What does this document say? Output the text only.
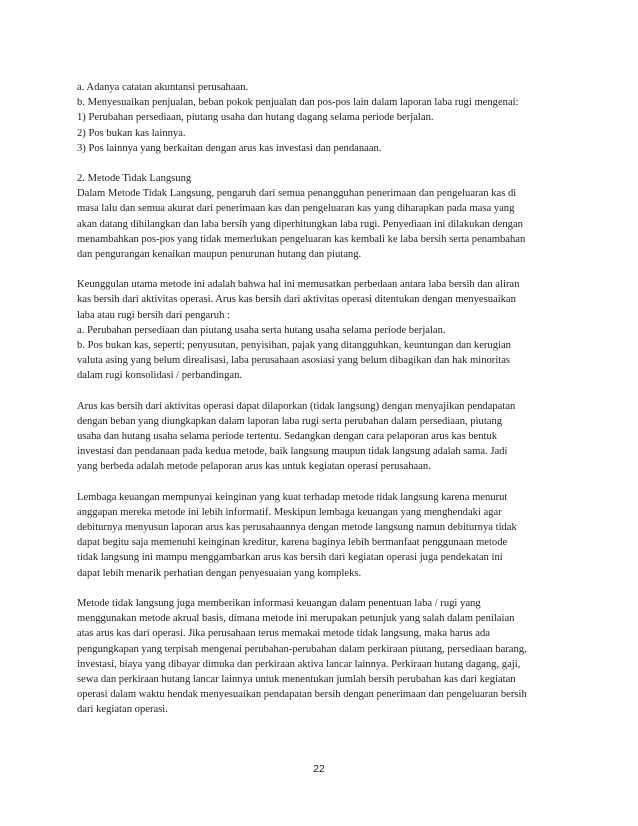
a. Adanya catatan akuntansi perusahaan.
b. Menyesuaikan penjualan, beban pokok penjualan dan pos-pos lain dalam laporan laba rugi mengenai:
1) Perubahan persediaan, piutang usaha dan hutang dagang selama periode berjalan.
2) Pos bukan kas lainnya.
3) Pos lainnya yang berkaitan dengan arus kas investasi dan pendanaan.
2. Metode Tidak Langsung
Dalam Metode Tidak Langsung, pengaruh dari semua penangguhan penerimaan dan pengeluaran kas di
masa lalu dan semua akurat dari penerimaan kas dan pengeluaran kas yang diharapkan pada masa yang
akan datang dihilangkan dan laba bersih yang diperhitungkan laba rugi. Penyediaan ini dilakukan dengan
menambahkan pos-pos yang tidak memerlukan pengeluaran kas kembali ke laba bersih serta penambahan
dan pengurangan kenaikan maupun penurunan hutang dan piutang.
Keunggulan utama metode ini adalah bahwa hal ini memusatkan perbedaan antara laba bersih dan aliran
kas bersih dari aktivitas operasi. Arus kas bersih dari aktivitas operasi ditentukan dengan menyesuaikan
laba atau rugi bersih dari pengaruh :
a. Perubahan persediaan dan piutang usaha serta hutang usaha selama periode berjalan.
b. Pos bukan kas, seperti; penyusutan, penyisihan, pajak yang ditangguhkan, keuntungan dan kerugian
valuta asing yang belum direalisasi, laba perusahaan asosiasi yang belum dibagikan dan hak minoritas
dalam rugi konsolidasi / perbandingan.
Arus kas bersih dari aktivitas operasi dapat dilaporkan (tidak langsung) dengan menyajikan pendapatan
dengan beban yang diungkapkan dalam laporan laba rugi serta perubahan dalam persediaan, piutang
usaha dan hutang usaha selama periode tertentu. Sedangkan dengan cara pelaporan arus kas bentuk
investasi dan pendanaan pada kedua metode, baik langsung maupun tidak langsung adalah sama. Jadi
yang berbeda adalah metode pelaporan arus kas untuk kegiatan operasi perusahaan.
Lembaga keuangan mempunyai keinginan yang kuat terhadap metode tidak langsung karena menurut
anggapan mereka metode ini lebih informatif. Meskipun lembaga keuangan yang menghendaki agar
debiturnya menyusun laporan arus kas perusahaannya dengan metode langsung namun debiturnya tidak
dapat begitu saja memenuhi keinginan kreditur, karena baginya lebih bermanfaat penggunaan metode
tidak langsung ini mampu menggambarkan arus kas bersih dari kegiatan operasi juga pendekatan ini
dapat lebih menarik perhatian dengan penyesuaian yang kompleks.
Metode tidak langsung juga memberikan informasi keuangan dalam penentuan laba / rugi yang
menggunakan metode akrual basis, dimana metode ini merupakan petunjuk yang salah dalam penilaian
atas arus kas dari operasi. Jika perusahaan terus memakai metode tidak langsung, maka harus ada
pengungkapan yang terpisah mengenai perubahan-perubahan dalam perkiraan piutang, persediaan barang,
investasi, biaya yang dibayar dimuka dan perkiraan aktiva lancar lainnya. Perkiraan hutang dagang, gaji,
sewa dan perkiraan hutang lancar lainnya untuk menentukan jumlah bersih perubahan kas dari kegiatan
operasi dalam waktu hendak menyesuaikan pendapatan bersih dengan penerimaan dan pengeluaran bersih
dari kegiatan operasi.
22
